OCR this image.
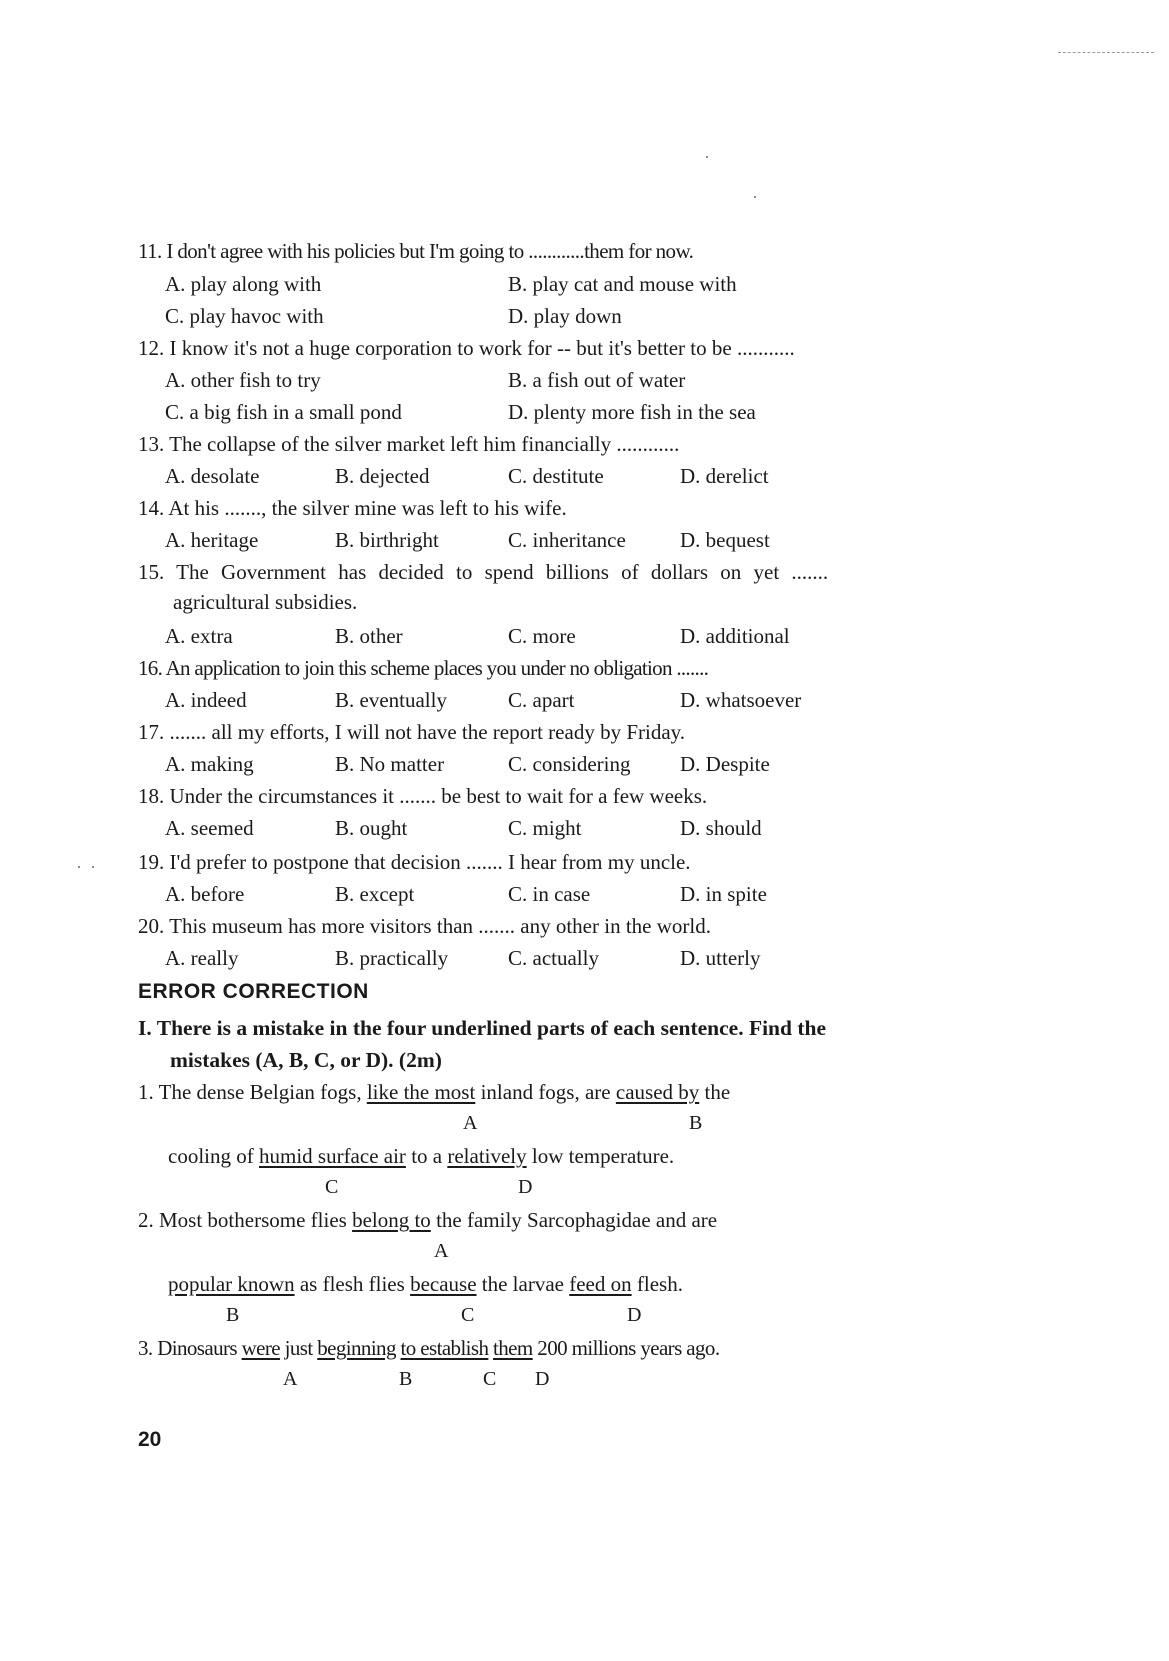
11. I don't agree with his policies but I'm going to ............them for now.
A. play along with	B. play cat and mouse with
C. play havoc with	D. play down
12. I know it's not a huge corporation to work for -- but it's better to be ...........
A. other fish to try	B. a fish out of water
C. a big fish in a small pond	D. plenty more fish in the sea
13. The collapse of the silver market left him financially ............
A. desolate	B. dejected	C. destitute	D. derelict
14. At his ......., the silver mine was left to his wife.
A. heritage	B. birthright	C. inheritance	D. bequest
15. The Government has decided to spend billions of dollars on yet .......
agricultural subsidies.
A. extra	B. other	C. more	D. additional
16. An application to join this scheme places you under no obligation .......
A. indeed	B. eventually	C. apart	D. whatsoever
17. ....... all my efforts, I will not have the report ready by Friday.
A. making	B. No matter	C. considering D. Despite
18. Under the circumstances it ....... be best to wait for a few weeks.
A. seemed	B. ought	C. might	D. should
19. I'd prefer to postpone that decision ....... I hear from my uncle.
A. before	B. except	C. in case	D. in spite
20. This museum has more visitors than ....... any other in the world.
A. really	B. practically	C. actually	D. utterly
ERROR CORRECTION
I. There is a mistake in the four underlined parts of each sentence. Find the
mistakes (A, B, C, or D). (2m)
1. The dense Belgian fogs, like the most inland fogs, are caused by the
A	B
cooling of humid surface air to a relatively low temperature.
C	D
2. Most bothersome flies belong to the family Sarcophagidae and are
A
popular known as flesh flies because the larvae feed on flesh.
B	C	D
3. Dinosaurs were just beginning to establish them 200 millions years ago.
A	B	C D
20
